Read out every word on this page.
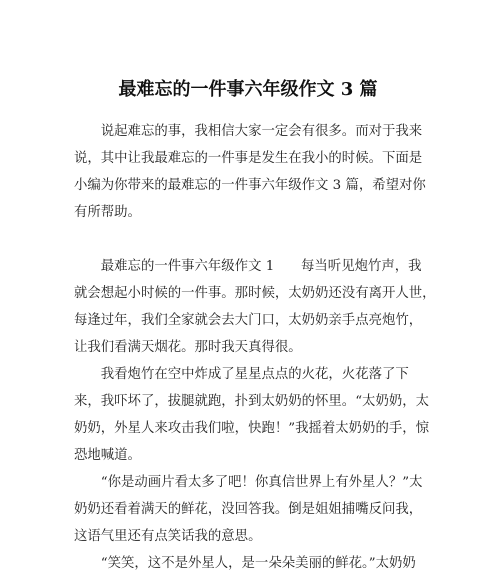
最难忘的一件事六年级作文 3 篇
　　说起难忘的事，我相信大家一定会有很多。而对于我来
说，其中让我最难忘的一件事是发生在我小的时候。下面是
小编为你带来的最难忘的一件事六年级作文 3 篇，希望对你
有所帮助。
　　最难忘的一件事六年级作文 1　　每当听见炮竹声，我
就会想起小时候的一件事。那时候，太奶奶还没有离开人世，
每逢过年，我们全家就会去大门口，太奶奶亲手点亮炮竹，
让我们看满天烟花。那时我天真得很。
　　我看炮竹在空中炸成了星星点点的火花，火花落了下
来，我吓坏了，拔腿就跑，扑到太奶奶的怀里。“太奶奶，太
奶奶，外星人来攻击我们啦，快跑！”我摇着太奶奶的手，惊
恐地喊道。
　　“你是动画片看太多了吧！你真信世界上有外星人？”太
奶奶还看着满天的鲜花，没回答我。倒是姐姐捕嘴反问我，
这语气里还有点笑话我的意思。
　　“笑笑，这不是外星人，是一朵朵美丽的鲜花。”太奶奶
